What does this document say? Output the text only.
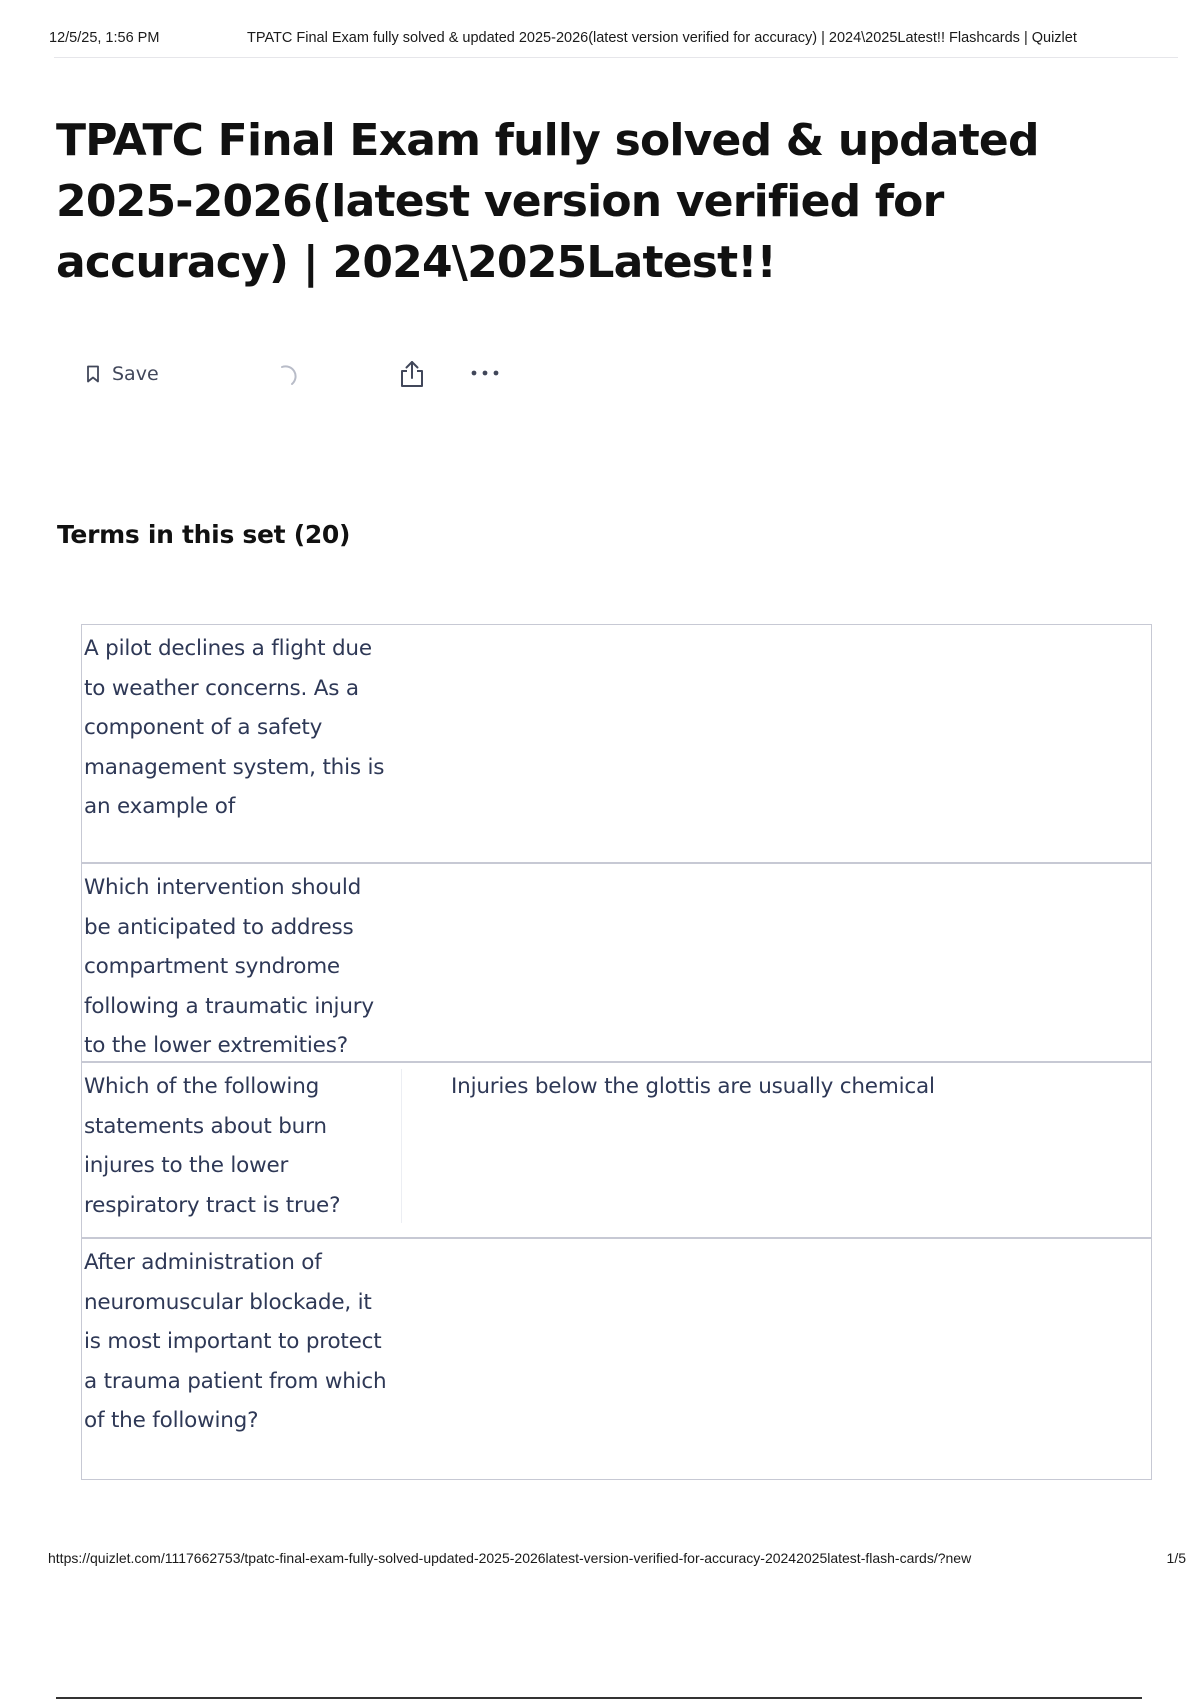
12/5/25, 1:56 PM	TPATC Final Exam fully solved & updated 2025-2026(latest version verified for accuracy) | 2024\2025Latest!! Flashcards | Quizlet
TPATC Final Exam fully solved & updated 2025-2026(latest version verified for accuracy) | 2024\2025Latest!!
Save
Terms in this set (20)
A pilot declines a flight due to weather concerns. As a component of a safety management system, this is an example of
Which intervention should be anticipated to address compartment syndrome following a traumatic injury to the lower extremities?
Which of the following statements about burn injures to the lower respiratory tract is true?
Injuries below the glottis are usually chemical
After administration of neuromuscular blockade, it is most important to protect a trauma patient from which of the following?
https://quizlet.com/1117662753/tpatc-final-exam-fully-solved-updated-2025-2026latest-version-verified-for-accuracy-20242025latest-flash-cards/?new	1/5
